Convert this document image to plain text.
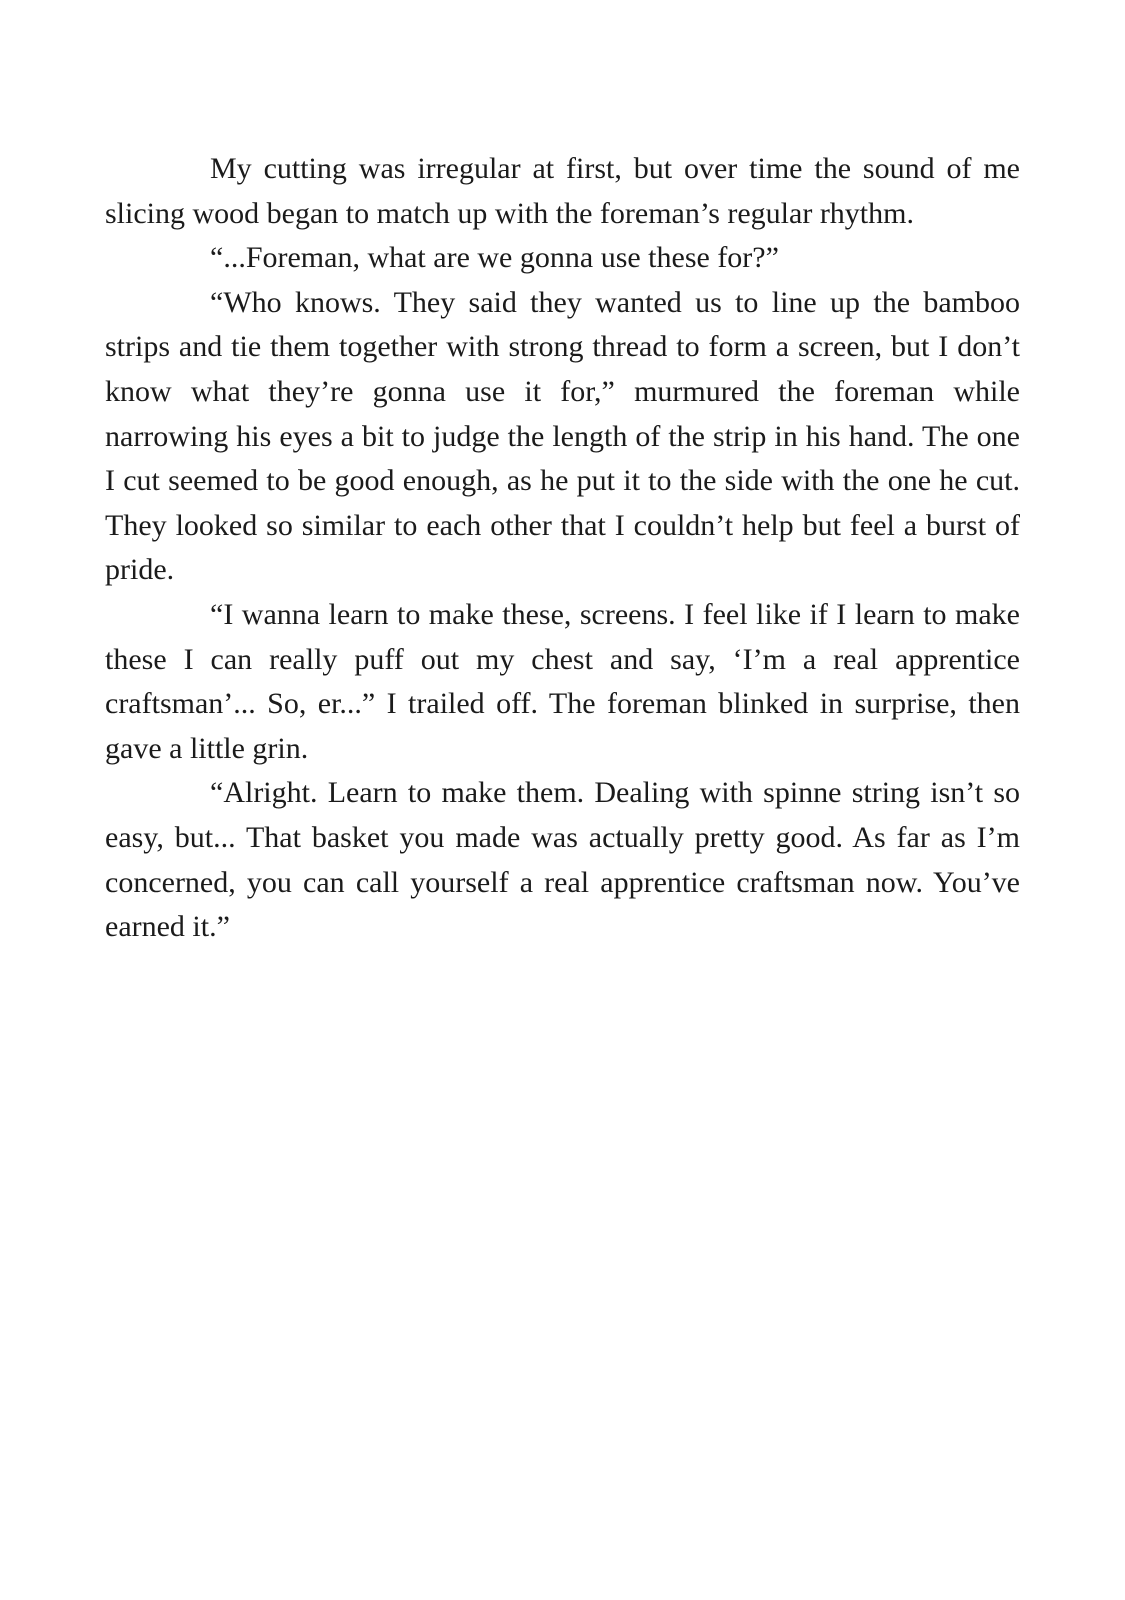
My cutting was irregular at first, but over time the sound of me slicing wood began to match up with the foreman’s regular rhythm.

“...Foreman, what are we gonna use these for?”

“Who knows. They said they wanted us to line up the bamboo strips and tie them together with strong thread to form a screen, but I don’t know what they’re gonna use it for,” murmured the foreman while narrowing his eyes a bit to judge the length of the strip in his hand. The one I cut seemed to be good enough, as he put it to the side with the one he cut. They looked so similar to each other that I couldn’t help but feel a burst of pride.

“I wanna learn to make these, screens. I feel like if I learn to make these I can really puff out my chest and say, ‘I’m a real apprentice craftsman’... So, er...” I trailed off. The foreman blinked in surprise, then gave a little grin.

“Alright. Learn to make them. Dealing with spinne string isn’t so easy, but... That basket you made was actually pretty good. As far as I’m concerned, you can call yourself a real apprentice craftsman now. You’ve earned it.”
